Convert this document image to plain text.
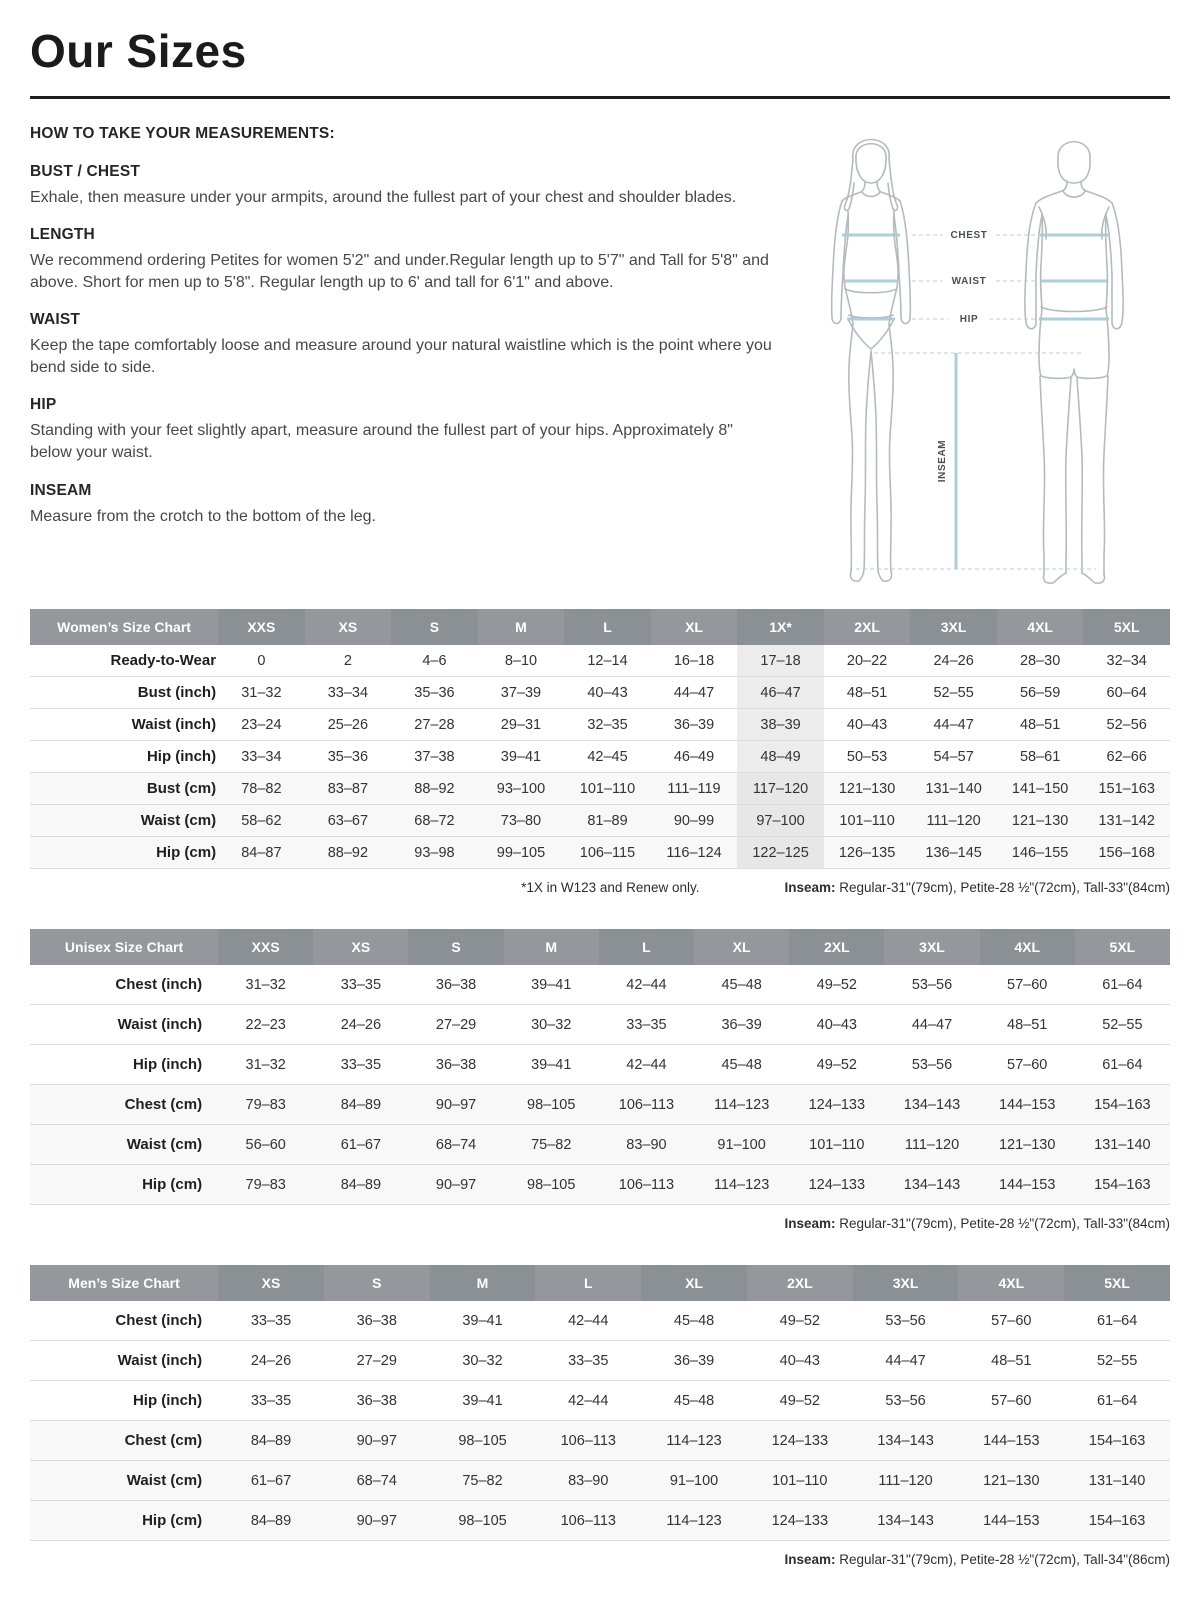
Our Sizes
HOW TO TAKE YOUR MEASUREMENTS:
BUST / CHEST

Exhale, then measure under your armpits, around the fullest part of your chest and shoulder blades.

LENGTH

We recommend ordering Petites for women 5'2" and under.Regular length up to 5'7" and Tall for 5'8" and above. Short for men up to 5'8". Regular length up to 6' and tall for 6'1" and above.

WAIST

Keep the tape comfortably loose and measure around your natural waistline which is the point where you bend side to side.

HIP

Standing with your feet slightly apart, measure around the fullest part of your hips. Approximately 8" below your waist.

INSEAM

Measure from the crotch to the bottom of the leg.

CHEST
WAIST
HIP
INSEAM
Women’s Size Chart	XXS	XS	S	M	L	XL	1X*	2XL	3XL	4XL	5XL
Ready-to-Wear	0	2	4–6	8–10	12–14	16–18	17–18	20–22	24–26	28–30	32–34
Bust (inch)	31–32	33–34	35–36	37–39	40–43	44–47	46–47	48–51	52–55	56–59	60–64
Waist (inch)	23–24	25–26	27–28	29–31	32–35	36–39	38–39	40–43	44–47	48–51	52–56
Hip (inch)	33–34	35–36	37–38	39–41	42–45	46–49	48–49	50–53	54–57	58–61	62–66
Bust (cm)	78–82	83–87	88–92	93–100	101–110	111–119	117–120	121–130	131–140	141–150	151–163
Waist (cm)	58–62	63–67	68–72	73–80	81–89	90–99	97–100	101–110	111–120	121–130	131–142
Hip (cm)	84–87	88–92	93–98	99–105	106–115	116–124	122–125	126–135	136–145	146–155	156–168
*1X in W123 and Renew only.	Inseam: Regular-31"(79cm), Petite-28 ½"(72cm), Tall-33"(84cm)
Unisex Size Chart	XXS	XS	S	M	L	XL	2XL	3XL	4XL	5XL
Chest (inch)	31–32	33–35	36–38	39–41	42–44	45–48	49–52	53–56	57–60	61–64
Waist (inch)	22–23	24–26	27–29	30–32	33–35	36–39	40–43	44–47	48–51	52–55
Hip (inch)	31–32	33–35	36–38	39–41	42–44	45–48	49–52	53–56	57–60	61–64
Chest (cm)	79–83	84–89	90–97	98–105	106–113	114–123	124–133	134–143	144–153	154–163
Waist (cm)	56–60	61–67	68–74	75–82	83–90	91–100	101–110	111–120	121–130	131–140
Hip (cm)	79–83	84–89	90–97	98–105	106–113	114–123	124–133	134–143	144–153	154–163
Inseam: Regular-31"(79cm), Petite-28 ½"(72cm), Tall-33"(84cm)
Men’s Size Chart	XS	S	M	L	XL	2XL	3XL	4XL	5XL
Chest (inch)	33–35	36–38	39–41	42–44	45–48	49–52	53–56	57–60	61–64
Waist (inch)	24–26	27–29	30–32	33–35	36–39	40–43	44–47	48–51	52–55
Hip (inch)	33–35	36–38	39–41	42–44	45–48	49–52	53–56	57–60	61–64
Chest (cm)	84–89	90–97	98–105	106–113	114–123	124–133	134–143	144–153	154–163
Waist (cm)	61–67	68–74	75–82	83–90	91–100	101–110	111–120	121–130	131–140
Hip (cm)	84–89	90–97	98–105	106–113	114–123	124–133	134–143	144–153	154–163
Inseam: Regular-31"(79cm), Petite-28 ½"(72cm), Tall-34"(86cm)
